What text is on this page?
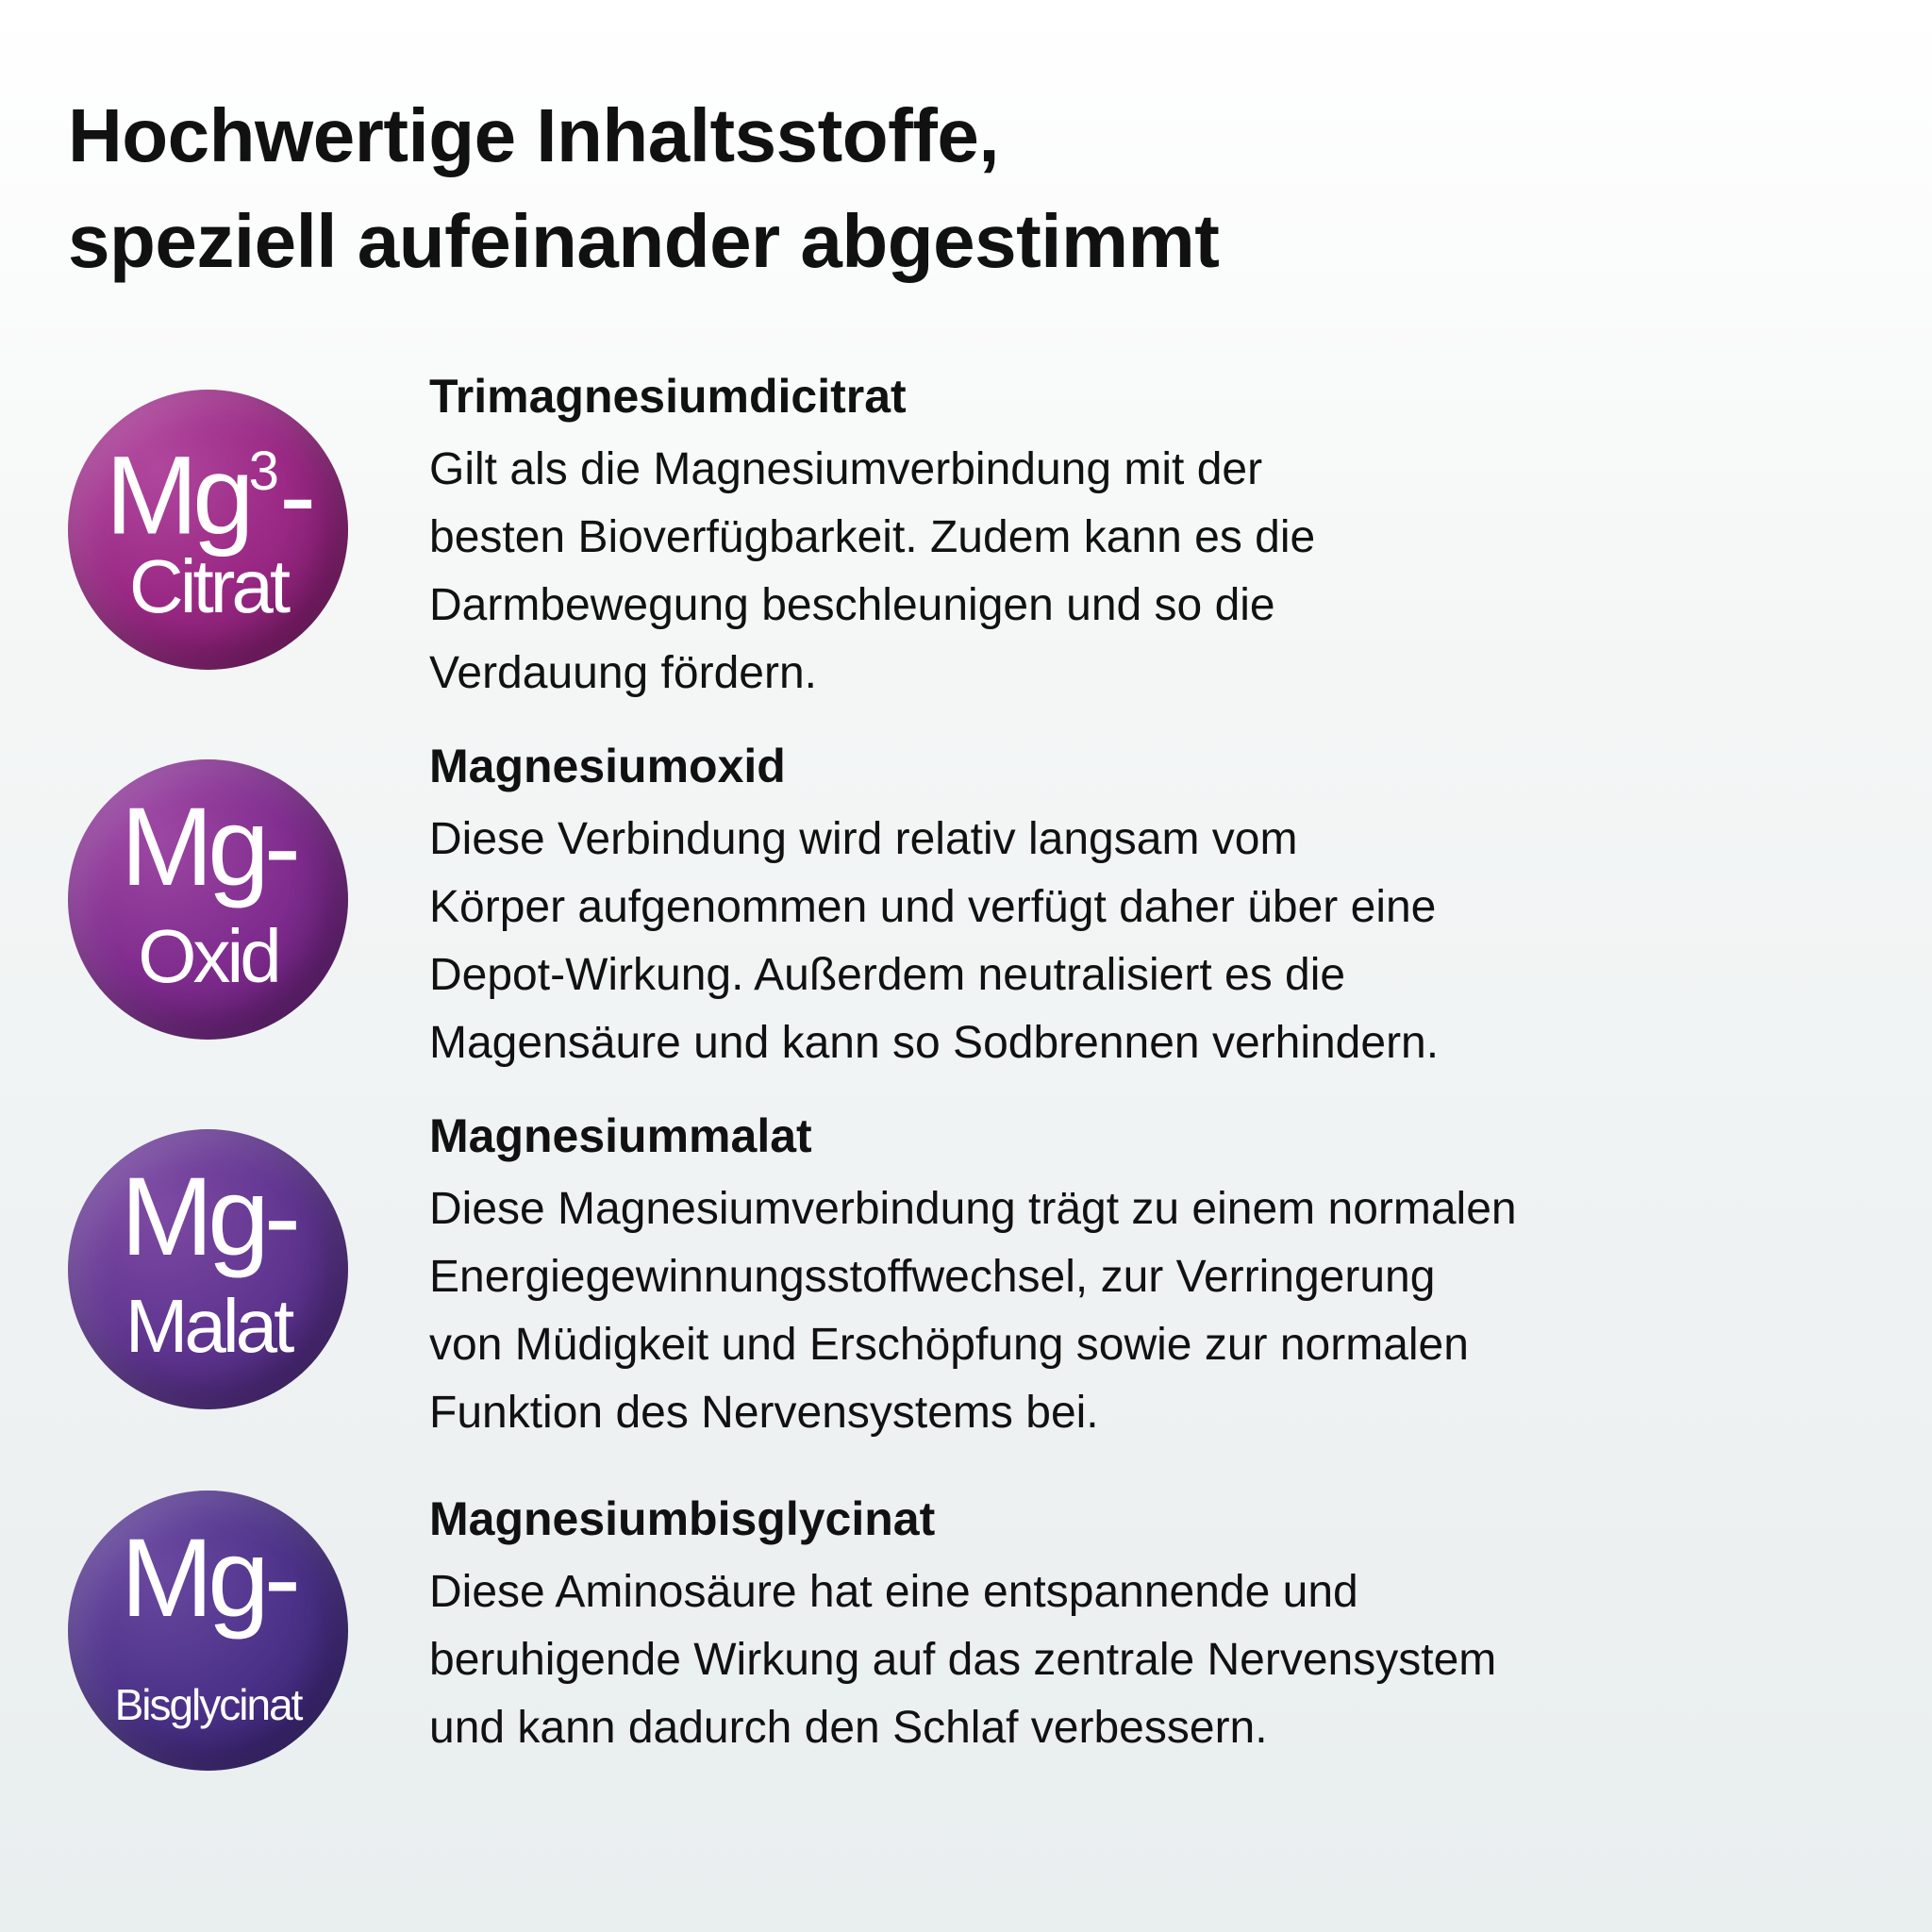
Hochwertige Inhaltsstoffe,
speziell aufeinander abgestimmt
Mg$^3$-
Citrat
Trimagnesiumdicitrat

Gilt als die Magnesiumverbindung mit der
besten Bioverfügbarkeit. Zudem kann es die
Darmbewegung beschleunigen und so die
Verdauung fördern.

Mg-
Oxid
Magnesiumoxid

Diese Verbindung wird relativ langsam vom
Körper aufgenommen und verfügt daher über eine
Depot-Wirkung. Außerdem neutralisiert es die
Magensäure und kann so Sodbrennen verhindern.

Mg-
Malat
Magnesiummalat

Diese Magnesiumverbindung trägt zu einem normalen
Energiegewinnungsstoffwechsel, zur Verringerung
von Müdigkeit und Erschöpfung sowie zur normalen
Funktion des Nervensystems bei.

Mg-
Bisglycinat
Magnesiumbisglycinat

Diese Aminosäure hat eine entspannende und
beruhigende Wirkung auf das zentrale Nervensystem
und kann dadurch den Schlaf verbessern.
